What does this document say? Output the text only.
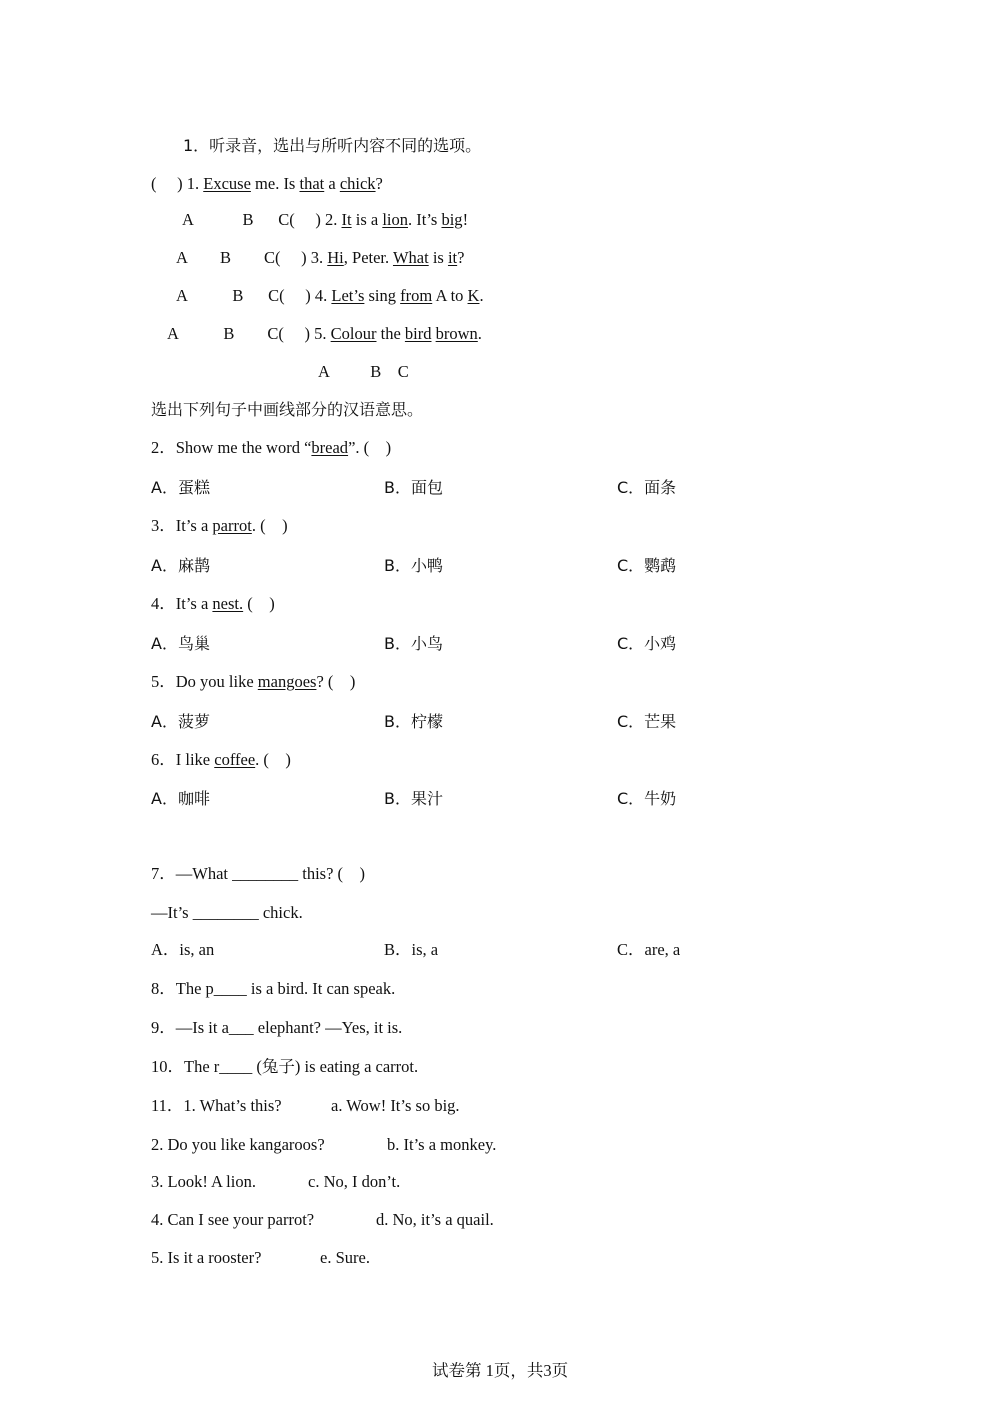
1．听录音，选出与所听内容不同的选项。
(     ) 1. Excuse me. Is that a chick?
A            B      C(     ) 2. It is a lion. It’s big!
A        B        C(     ) 3. Hi, Peter. What is it?
A           B      C(     ) 4. Let’s sing from A to K.
A           B        C(     ) 5. Colour the bird brown.
A          B    C
选出下列句子中画线部分的汉语意思。
2．Show me the word “bread”. (    )
A．蛋糕	B．面包	C．面条
3．It’s a parrot. (    )
A．麻鹊	B．小鸭	C．鹦鹉
4．It’s a nest. (    )
A．鸟巢	B．小鸟	C．小鸡
5．Do you like mangoes? (    )
A．菠萝	B．柠檬	C．芒果
6．I like coffee. (    )
A．咖啡	B．果汁	C．牛奶
7．—What ________ this? (    )
—It’s ________ chick.
A．is, an	B．is, a	C．are, a
8．The p____ is a bird. It can speak.
9．—Is it a___ elephant? —Yes, it is.
10．The r____ (兔子) is eating a carrot.
11．1. What’s this?	a. Wow! It’s so big.
2. Do you like kangaroos?	b. It’s a monkey.
3. Look! A lion.	c. No, I don’t.
4. Can I see your parrot?	d. No, it’s a quail.
5. Is it a rooster?	e. Sure.
试卷第 1页，共3页
